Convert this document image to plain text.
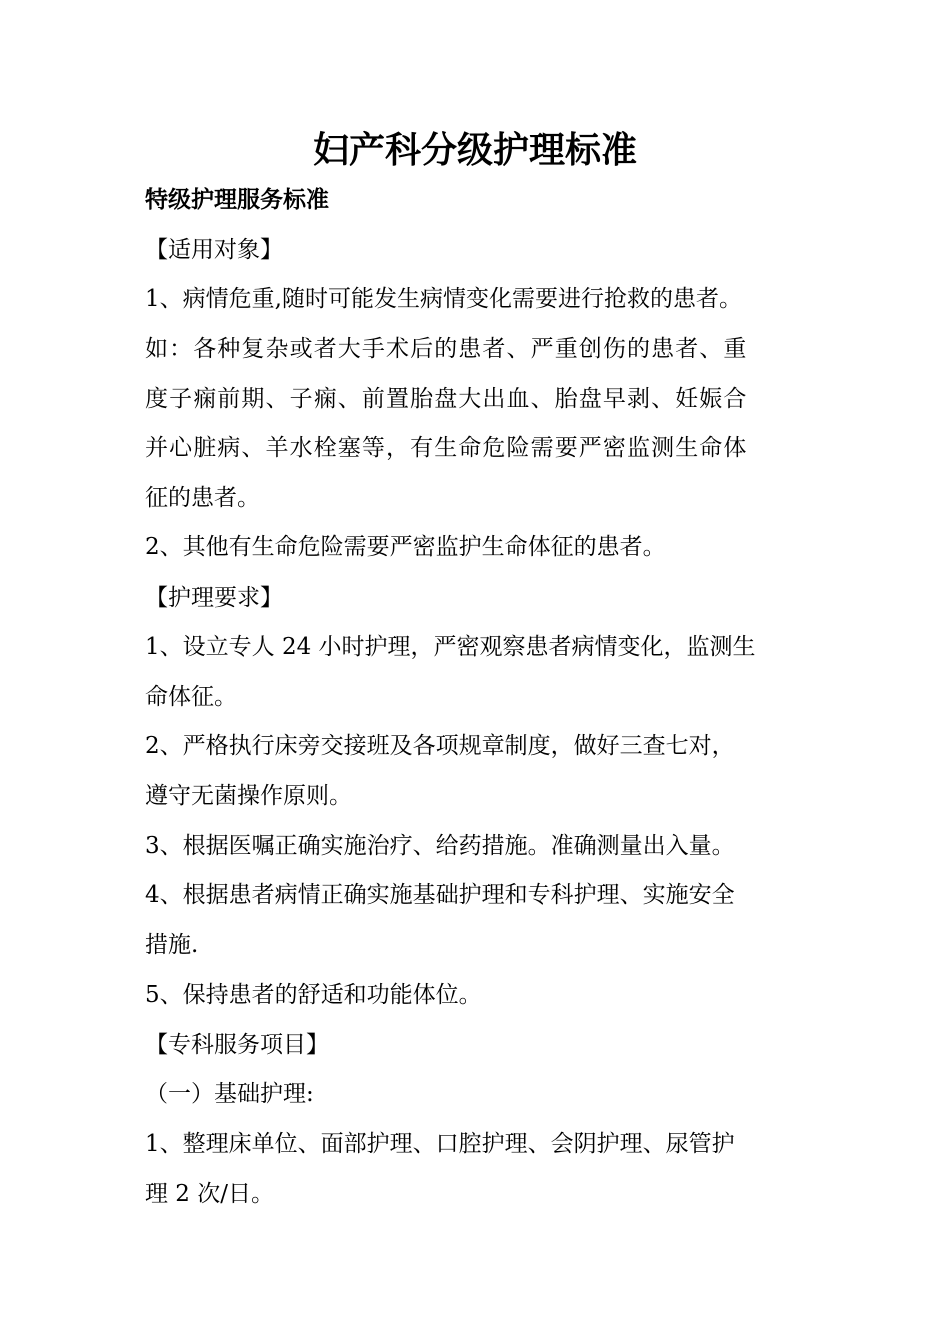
妇产科分级护理标准
特级护理服务标准
【适用对象】
1、病情危重,随时可能发生病情变化需要进行抢救的患者。
如：各种复杂或者大手术后的患者、严重创伤的患者、重
度子痫前期、子痫、前置胎盘大出血、胎盘早剥、妊娠合
并心脏病、羊水栓塞等，有生命危险需要严密监测生命体
征的患者。
2、其他有生命危险需要严密监护生命体征的患者。
【护理要求】
1、设立专人 24 小时护理，严密观察患者病情变化，监测生
命体征。
2、严格执行床旁交接班及各项规章制度，做好三查七对，
遵守无菌操作原则。
3、根据医嘱正确实施治疗、给药措施。准确测量出入量。
4、根据患者病情正确实施基础护理和专科护理、实施安全
措施.
5、保持患者的舒适和功能体位。
【专科服务项目】
（一）基础护理:
1、整理床单位、面部护理、口腔护理、会阴护理、尿管护
理 2 次/日。
